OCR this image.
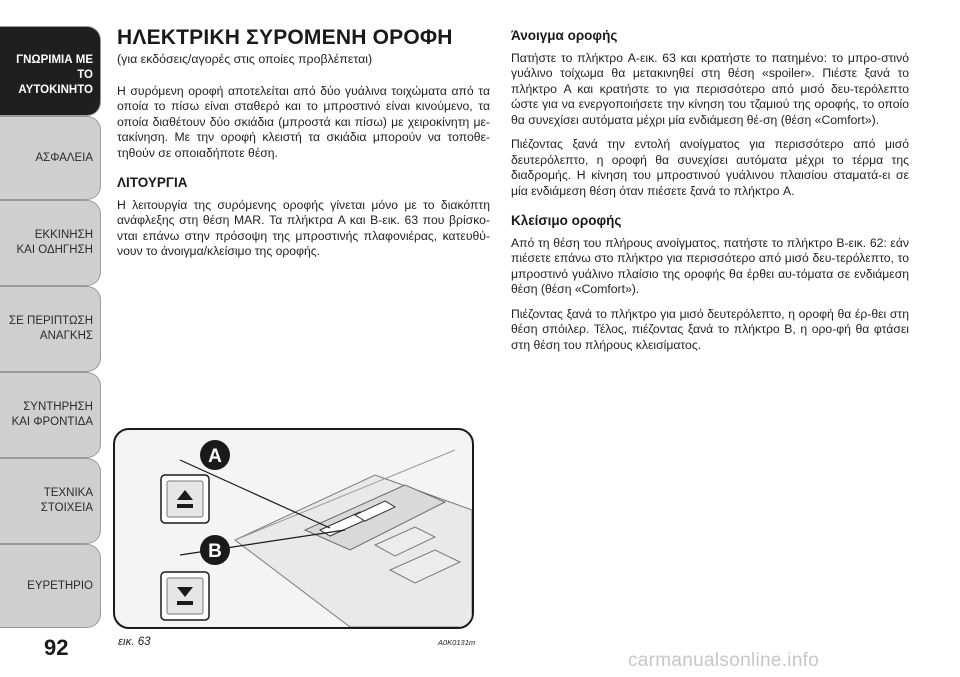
ΓΝΩΡΙΜΙΑ ΜΕ ΤΟ
ΑΥΤΟΚΙΝΗΤΟ
ΑΣΦΑΛΕΙΑ
ΕΚΚΙΝΗΣΗ
ΚΑΙ ΟΔΗΓΗΣΗ
ΣΕ ΠΕΡΙΠΤΩΣΗ
ΑΝΑΓΚΗΣ
ΣΥΝΤΗΡΗΣΗ
ΚΑΙ ΦΡΟΝΤΙΔΑ
ΤΕΧΝΙΚΑ
ΣΤΟΙΧΕΙΑ
ΕΥΡΕΤΗΡΙΟ
92
ΗΛΕΚΤΡΙΚΗ ΣΥΡΟΜΕΝΗ ΟΡΟΦΗ
(για εκδόσεις/αγορές στις οποίες προβλέπεται)

Η συρόμενη οροφή αποτελείται από δύο γυάλινα τοιχώματα από τα οποία το πίσω είναι σταθερό και το μπροστινό είναι κινούμενο, τα οποία διαθέτουν δύο σκιάδια (μπροστά και πίσω) με χειροκίνητη με-τακίνηση. Με την οροφή κλειστή τα σκιάδια μπορούν να τοποθε-τηθούν σε οποιαδήποτε θέση.

ΛΙΤΟΥΡΓΙΑ

Η λειτουργία της συρόμενης οροφής γίνεται μόνο με το διακόπτη ανάφλεξης στη θέση MAR. Τα πλήκτρα A και B-εικ. 63 που βρίσκο-νται επάνω στην πρόσοψη της μπροστινής πλαφονιέρας, κατευθύ-νουν το άνοιγμα/κλείσιμο της οροφής.

Άνοιγμα οροφής

Πατήστε το πλήκτρο A-εικ. 63 και κρατήστε το πατημένο: το μπρο-στινό γυάλινο τοίχωμα θα μετακινηθεί στη θέση «spoiler». Πιέστε ξανά το πλήκτρο A και κρατήστε το για περισσότερο από μισό δευ-τερόλεπτο ώστε για να ενεργοποιήσετε την κίνηση του τζαμιού της οροφής, το οποίο θα συνεχίσει αυτόματα μέχρι μία ενδιάμεση θέ-ση (θέση «Comfort»).

Πιέζοντας ξανά την εντολή ανοίγματος για περισσότερο από μισό δευτερόλεπτο, η οροφή θα συνεχίσει αυτόματα μέχρι το τέρμα της διαδρομής. Η κίνηση του μπροστινού γυάλινου πλαισίου σταματά-ει σε μία ενδιάμεση θέση όταν πιέσετε ξανά το πλήκτρο A.

Κλείσιμο οροφής

Από τη θέση του πλήρους ανοίγματος, πατήστε το πλήκτρο B-εικ. 62: εάν πιέσετε επάνω στο πλήκτρο για περισσότερο από μισό δευ-τερόλεπτο, το μπροστινό γυάλινο πλαίσιο της οροφής θα έρθει αυ-τόματα σε ενδιάμεση θέση (θέση «Comfort»).

Πιέζοντας ξανά το πλήκτρο για μισό δευτερόλεπτο, η οροφή θα έρ-θει στη θέση σπόιλερ. Τέλος, πιέζοντας ξανά το πλήκτρο B, η ορο-φή θα φτάσει στη θέση του πλήρους κλεισίματος.

A
B
εικ. 63	A0K0131m
carmanualsonline.info
